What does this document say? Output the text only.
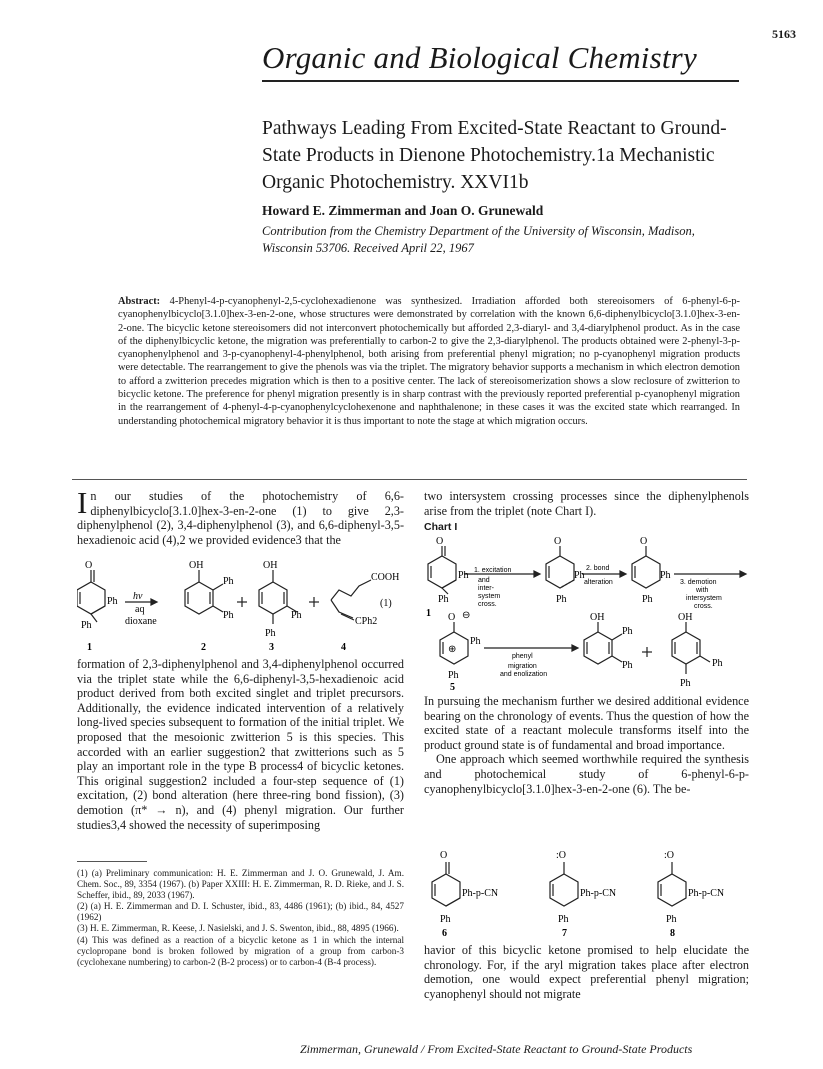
5163
Organic and Biological Chemistry
Pathways Leading From Excited-State Reactant to Ground-State Products in Dienone Photochemistry.1a Mechanistic Organic Photochemistry. XXVI1b
Howard E. Zimmerman and Joan O. Grunewald
Contribution from the Chemistry Department of the University of Wisconsin, Madison, Wisconsin 53706. Received April 22, 1967
Abstract: 4-Phenyl-4-p-cyanophenyl-2,5-cyclohexadienone was synthesized. Irradiation afforded both stereoisomers of 6-phenyl-6-p-cyanophenylbicyclo[3.1.0]hex-3-en-2-one, whose structures were demonstrated by correlation with the known 6,6-diphenylbicyclo[3.1.0]hex-3-en-2-one. The bicyclic ketone stereoisomers did not interconvert photochemically but afforded 2,3-diaryl- and 3,4-diarylphenol product. As in the case of the diphenylbicyclic ketone, the migration was preferentially to carbon-2 to give the 2,3-diarylphenol. The products obtained were 2-phenyl-3-p-cyanophenylphenol and 3-p-cyanophenyl-4-phenylphenol, both arising from preferential phenyl migration; no p-cyanophenyl migration products were detectable. The rearrangement to give the phenols was via the triplet. The migratory behavior supports a mechanism in which electron demotion to afford a zwitterion precedes migration which is then to a positive center. The lack of stereoisomerization shows a slow reclosure of zwitterion to bicyclic ketone. The preference for phenyl migration presently is in sharp contrast with the previously reported preferential p-cyanophenyl migration in the rearrangement of 4-phenyl-4-p-cyanophenylcyclohexenone and naphthalenone; in these cases it was the excited state which rearranged. In understanding photochemical migratory behavior it is thus important to note the stage at which migration occurs.
I n our studies of the photochemistry of 6,6-diphenylbicyclo[3.1.0]hex-3-en-2-one (1) to give 2,3-diphenylphenol (2), 3,4-diphenylphenol (3), and 6,6-diphenyl-3,5-hexadienoic acid (4),2 we provided evidence3 that the
O
Ph
Ph
hν
aq
dioxane
OH
Ph
Ph
OH
Ph
Ph
COOH
CPh2
(1)
1	2	3	4
formation of 2,3-diphenylphenol and 3,4-diphenylphenol occurred via the triplet state while the 6,6-diphenyl-3,5-hexadienoic acid product derived from both excited singlet and triplet precursors. Additionally, the evidence indicated intervention of a relatively long-lived species subsequent to formation of the initial triplet. We proposed that the mesoionic zwitterion 5 is this species. This accorded with an earlier suggestion2 that zwitterions such as 5 play an important role in the type B process4 of bicyclic ketones. This original suggestion2 included a four-step sequence of (1) excitation, (2) bond alteration (here three-ring bond fission), (3) demotion (π* → n), and (4) phenyl migration. Our further studies3,4 showed the necessity of superimposing
(1) (a) Preliminary communication: H. E. Zimmerman and J. O. Grunewald, J. Am. Chem. Soc., 89, 3354 (1967). (b) Paper XXIII: H. E. Zimmerman, R. D. Rieke, and J. S. Scheffer, ibid., 89, 2033 (1967).
(2) (a) H. E. Zimmerman and D. I. Schuster, ibid., 83, 4486 (1961); (b) ibid., 84, 4527 (1962)
(3) H. E. Zimmerman, R. Keese, J. Nasielski, and J. S. Swenton, ibid., 88, 4895 (1966).
(4) This was defined as a reaction of a bicyclic ketone as 1 in which the internal cyclopropane bond is broken followed by migration of a group from carbon-3 (cyclohexane numbering) to carbon-2 (B-2 process) or to carbon-4 (B-4 process).
two intersystem crossing processes since the diphenylphenols arise from the triplet (note Chart I).
Chart I
O
Ph
Ph
1
1. excitation
and
inter-
system
cross.
O
Ph
Ph
2. bond
alteration
O
Ph
Ph
3. demotion
with
intersystem
cross.
O ⊖
⊕
Ph
Ph
5
phenyl
migration
and enolization
OH
Ph
Ph
OH
Ph
Ph
In pursuing the mechanism further we desired additional evidence bearing on the chronology of events. Thus the question of how the excited state of a reactant molecule transforms itself into the product ground state is of fundamental and broad importance.
One approach which seemed worthwhile required the synthesis and photochemical study of 6-phenyl-6-p-cyanophenylbicyclo[3.1.0]hex-3-en-2-one (6). The be-
O
Ph-p-CN
Ph
6
:O
Ph-p-CN
Ph
7
:O
Ph-p-CN
Ph
8
havior of this bicyclic ketone promised to help elucidate the chronology. For, if the aryl migration takes place after electron demotion, one would expect preferential phenyl migration; cyanophenyl should not migrate
Zimmerman, Grunewald / From Excited-State Reactant to Ground-State Products
